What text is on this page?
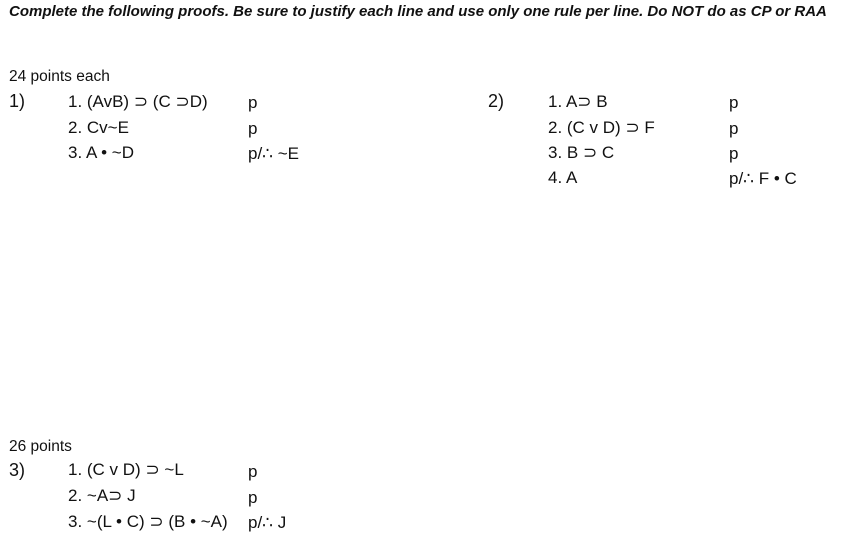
Complete the following proofs. Be sure to justify each line and use only one rule per line. Do NOT do as CP or RAA
24 points each
1)	1. (AvB) ⊃ (C ⊃D) p
2. Cv~E	p
3. A • ~D	p/∴ ~E
2)	1. A⊃ B	p
2. (C v D) ⊃ F	p
3. B ⊃ C	p
4. A	p/∴ F • C
26 points
3)	1. (C v D) ⊃ ~L	p
2. ~A⊃ J	p
3. ~(L • C) ⊃ (B • ~A) p/∴ J
